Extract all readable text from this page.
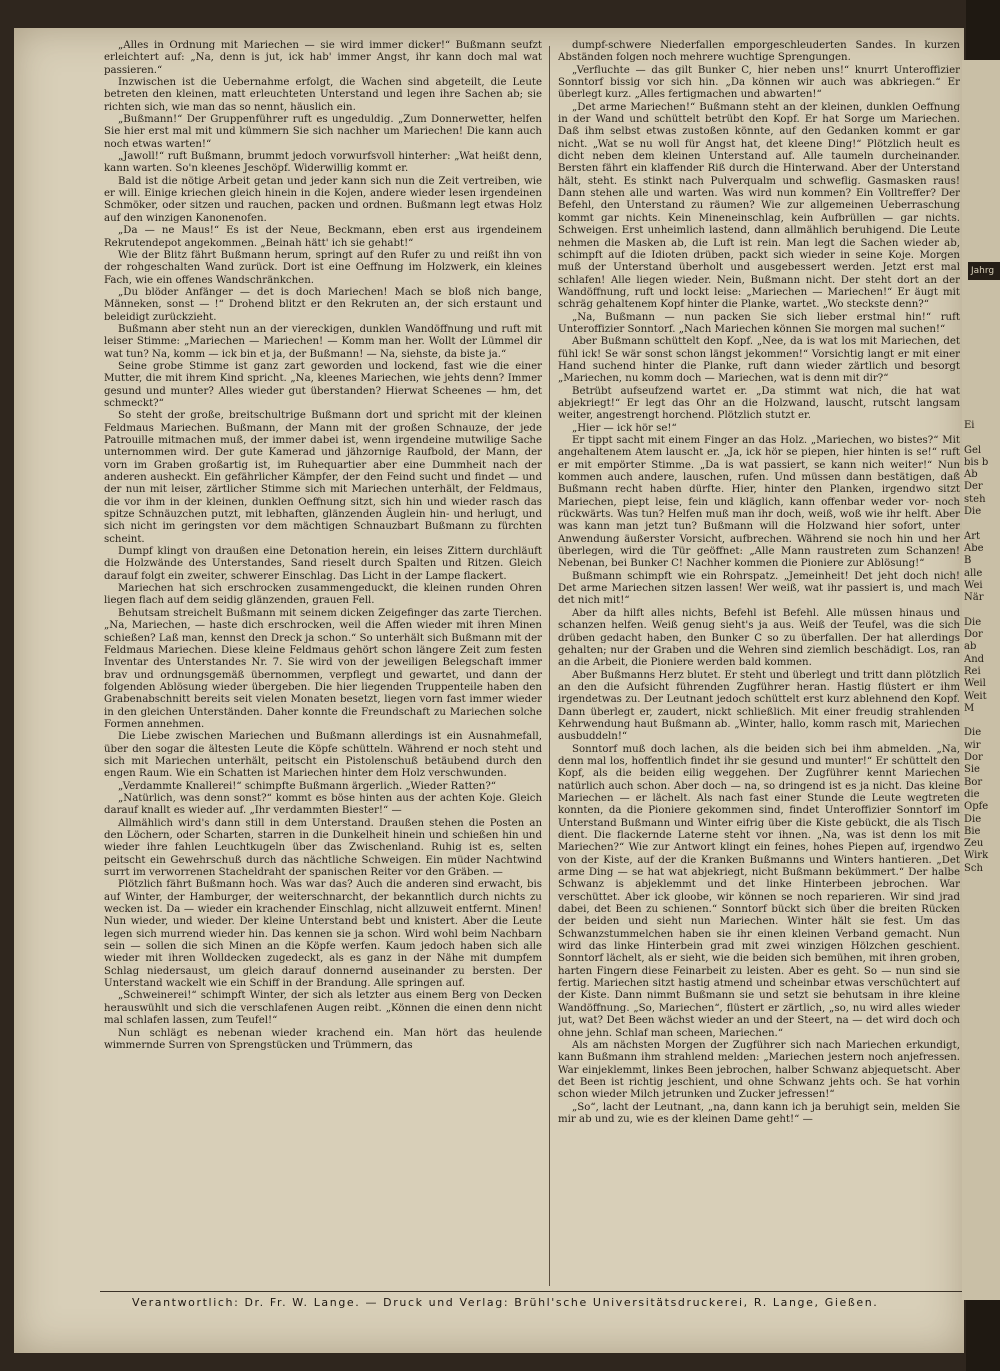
„Alles in Ordnung mit Mariechen — sie wird immer dicker!“ Bußmann seufzt erleichtert auf: „Na, denn is jut, ick hab' immer Angst, ihr kann doch mal wat passieren.“

Inzwischen ist die Uebernahme erfolgt, die Wachen sind abgeteilt, die Leute betreten den kleinen, matt erleuchteten Unterstand und legen ihre Sachen ab; sie richten sich, wie man das so nennt, häuslich ein.

„Bußmann!“ Der Gruppenführer ruft es ungeduldig. „Zum Donnerwetter, helfen Sie hier erst mal mit und kümmern Sie sich nachher um Mariechen! Die kann auch noch etwas warten!“

„Jawoll!“ ruft Bußmann, brummt jedoch vorwurfsvoll hinterher: „Wat heißt denn, kann warten. So'n kleenes Jeschöpf. Widerwillig kommt er.

Bald ist die nötige Arbeit getan und jeder kann sich nun die Zeit vertreiben, wie er will. Einige kriechen gleich hinein in die Kojen, andere wieder lesen irgendeinen Schmöker, oder sitzen und rauchen, packen und ordnen. Bußmann legt etwas Holz auf den winzigen Kanonenofen.

„Da — ne Maus!“ Es ist der Neue, Beckmann, eben erst aus irgendeinem Rekrutendepot angekommen. „Beinah hätt' ich sie gehabt!“

Wie der Blitz fährt Bußmann herum, springt auf den Rufer zu und reißt ihn von der rohgeschalten Wand zurück. Dort ist eine Oeffnung im Holzwerk, ein kleines Fach, wie ein offenes Wandschränkchen.

„Du blöder Anfänger — det is doch Mariechen! Mach se bloß nich bange, Männeken, sonst — !“ Drohend blitzt er den Rekruten an, der sich erstaunt und beleidigt zurückzieht.

Bußmann aber steht nun an der viereckigen, dunklen Wandöffnung und ruft mit leiser Stimme: „Mariechen — Mariechen! — Komm man her. Wollt der Lümmel dir wat tun? Na, komm — ick bin et ja, der Bußmann! — Na, siehste, da biste ja.“

Seine grobe Stimme ist ganz zart geworden und lockend, fast wie die einer Mutter, die mit ihrem Kind spricht. „Na, kleenes Mariechen, wie jehts denn? Immer gesund und munter? Alles wieder gut überstanden? Hierwat Scheenes — hm, det schmeckt?“

So steht der große, breitschultrige Bußmann dort und spricht mit der kleinen Feldmaus Mariechen. Bußmann, der Mann mit der großen Schnauze, der jede Patrouille mitmachen muß, der immer dabei ist, wenn irgendeine mutwilige Sache unternommen wird. Der gute Kamerad und jähzornige Raufbold, der Mann, der vorn im Graben großartig ist, im Ruhequartier aber eine Dummheit nach der anderen ausheckt. Ein gefährlicher Kämpfer, der den Feind sucht und findet — und der nun mit leiser, zärtlicher Stimme sich mit Mariechen unterhält, der Feldmaus, die vor ihm in der kleinen, dunklen Oeffnung sitzt, sich hin und wieder rasch das spitze Schnäuzchen putzt, mit lebhaften, glänzenden Äuglein hin- und herlugt, und sich nicht im geringsten vor dem mächtigen Schnauzbart Bußmann zu fürchten scheint.

Dumpf klingt von draußen eine Detonation herein, ein leises Zittern durchläuft die Holzwände des Unterstandes, Sand rieselt durch Spalten und Ritzen. Gleich darauf folgt ein zweiter, schwerer Einschlag. Das Licht in der Lampe flackert.

Mariechen hat sich erschrocken zusammengeduckt, die kleinen runden Ohren liegen flach auf dem seidig glänzenden, grauen Fell.

Behutsam streichelt Bußmann mit seinem dicken Zeigefinger das zarte Tierchen. „Na, Mariechen, — haste dich erschrocken, weil die Affen wieder mit ihren Minen schießen? Laß man, kennst den Dreck ja schon.“ So unterhält sich Bußmann mit der Feldmaus Mariechen. Diese kleine Feldmaus gehört schon längere Zeit zum festen Inventar des Unterstandes Nr. 7. Sie wird von der jeweiligen Belegschaft immer brav und ordnungsgemäß übernommen, verpflegt und gewartet, und dann der folgenden Ablösung wieder übergeben. Die hier liegenden Truppenteile haben den Grabenabschnitt bereits seit vielen Monaten besetzt, liegen vorn fast immer wieder in den gleichen Unterständen. Daher konnte die Freundschaft zu Mariechen solche Formen annehmen.

Die Liebe zwischen Mariechen und Bußmann allerdings ist ein Ausnahmefall, über den sogar die ältesten Leute die Köpfe schütteln. Während er noch steht und sich mit Mariechen unterhält, peitscht ein Pistolenschuß betäubend durch den engen Raum. Wie ein Schatten ist Mariechen hinter dem Holz verschwunden.

„Verdammte Knallerei!“ schimpfte Bußmann ärgerlich. „Wieder Ratten?“

„Natürlich, was denn sonst?“ kommt es böse hinten aus der achten Koje. Gleich darauf knallt es wieder auf. „Ihr verdammten Biester!“ —

Allmählich wird's dann still in dem Unterstand. Draußen stehen die Posten an den Löchern, oder Scharten, starren in die Dunkelheit hinein und schießen hin und wieder ihre fahlen Leuchtkugeln über das Zwischenland. Ruhig ist es, selten peitscht ein Gewehrschuß durch das nächtliche Schweigen. Ein müder Nachtwind surrt im verworrenen Stacheldraht der spanischen Reiter vor den Gräben. —

Plötzlich fährt Bußmann hoch. Was war das? Auch die anderen sind erwacht, bis auf Winter, der Hamburger, der weiterschnarcht, der bekanntlich durch nichts zu wecken ist. Da — wieder ein krachender Einschlag, nicht allzuweit entfernt. Minen! Nun wieder, und wieder. Der kleine Unterstand bebt und knistert. Aber die Leute legen sich murrend wieder hin. Das kennen sie ja schon. Wird wohl beim Nachbarn sein — sollen die sich Minen an die Köpfe werfen. Kaum jedoch haben sich alle wieder mit ihren Wolldecken zugedeckt, als es ganz in der Nähe mit dumpfem Schlag niedersaust, um gleich darauf donnernd auseinander zu bersten. Der Unterstand wackelt wie ein Schiff in der Brandung. Alle springen auf.

„Schweinerei!“ schimpft Winter, der sich als letzter aus einem Berg von Decken herauswühlt und sich die verschlafenen Augen reibt. „Können die einen denn nicht mal schlafen lassen, zum Teufel!“

Nun schlägt es nebenan wieder krachend ein. Man hört das heulende wimmernde Surren von Sprengstücken und Trümmern, das

dumpf-schwere Niederfallen emporgeschleuderten Sandes. In kurzen Abständen folgen noch mehrere wuchtige Sprengungen.

„Verfluchte — das gilt Bunker C, hier neben uns!“ knurrt Unteroffizier Sonntorf bissig vor sich hin. „Da können wir auch was abkriegen.“ Er überlegt kurz. „Alles fertigmachen und abwarten!“

„Det arme Mariechen!“ Bußmann steht an der kleinen, dunklen Oeffnung in der Wand und schüttelt betrübt den Kopf. Er hat Sorge um Mariechen. Daß ihm selbst etwas zustoßen könnte, auf den Gedanken kommt er gar nicht. „Wat se nu woll für Angst hat, det kleene Ding!“ Plötzlich heult es dicht neben dem kleinen Unterstand auf. Alle taumeln durcheinander. Bersten fährt ein klaffender Riß durch die Hinterwand. Aber der Unterstand hält, steht. Es stinkt nach Pulverqualm und schweflig. Gasmasken raus! Dann stehen alle und warten. Was wird nun kommen? Ein Volltreffer? Der Befehl, den Unterstand zu räumen? Wie zur allgemeinen Ueberraschung kommt gar nichts. Kein Mineneinschlag, kein Aufbrüllen — gar nichts. Schweigen. Erst unheimlich lastend, dann allmählich beruhigend. Die Leute nehmen die Masken ab, die Luft ist rein. Man legt die Sachen wieder ab, schimpft auf die Idioten drüben, packt sich wieder in seine Koje. Morgen muß der Unterstand überholt und ausgebessert werden. Jetzt erst mal schlafen! Alle liegen wieder. Nein, Bußmann nicht. Der steht dort an der Wandöffnung, ruft und lockt leise: „Mariechen — Mariechen!“ Er äugt mit schräg gehaltenem Kopf hinter die Planke, wartet. „Wo steckste denn?“

„Na, Bußmann — nun packen Sie sich lieber erstmal hin!“ ruft Unteroffizier Sonntorf. „Nach Mariechen können Sie morgen mal suchen!“

Aber Bußmann schüttelt den Kopf. „Nee, da is wat los mit Mariechen, det fühl ick! Se wär sonst schon längst jekommen!“ Vorsichtig langt er mit einer Hand suchend hinter die Planke, ruft dann wieder zärtlich und besorgt „Mariechen, nu komm doch — Mariechen, wat is denn mit dir?“

Betrübt aufseufzend wartet er. „Da stimmt wat nich, die hat wat abjekriegt!“ Er legt das Ohr an die Holzwand, lauscht, rutscht langsam weiter, angestrengt horchend. Plötzlich stutzt er.

„Hier — ick hör se!“

Er tippt sacht mit einem Finger an das Holz. „Mariechen, wo bistes?“ Mit angehaltenem Atem lauscht er. „Ja, ick hör se piepen, hier hinten is se!“ ruft er mit empörter Stimme. „Da is wat passiert, se kann nich weiter!“ Nun kommen auch andere, lauschen, rufen. Und müssen dann bestätigen, daß Bußmann recht haben dürfte. Hier, hinter den Planken, irgendwo sitzt Mariechen, piept leise, fein und kläglich, kann offenbar weder vor- noch rückwärts. Was tun? Helfen muß man ihr doch, weiß, woß wie ihr helft. Aber was kann man jetzt tun? Bußmann will die Holzwand hier sofort, unter Anwendung äußerster Vorsicht, aufbrechen. Während sie noch hin und her überlegen, wird die Tür geöffnet: „Alle Mann raustreten zum Schanzen! Nebenan, bei Bunker C! Nachher kommen die Pioniere zur Ablösung!“

Bußmann schimpft wie ein Rohrspatz. „Jemeinheit! Det jeht doch nich! Det arme Mariechen sitzen lassen! Wer weiß, wat ihr passiert is, und mach det nich mit!“

Aber da hilft alles nichts, Befehl ist Befehl. Alle müssen hinaus und schanzen helfen. Weiß genug sieht's ja aus. Weiß der Teufel, was die sich drüben gedacht haben, den Bunker C so zu überfallen. Der hat allerdings gehalten; nur der Graben und die Wehren sind ziemlich beschädigt. Los, ran an die Arbeit, die Pioniere werden bald kommen.

Aber Bußmanns Herz blutet. Er steht und überlegt und tritt dann plötzlich an den die Aufsicht führenden Zugführer heran. Hastig flüstert er ihm irgendetwas zu. Der Leutnant jedoch schüttelt erst kurz ablehnend den Kopf. Dann überlegt er, zaudert, nickt schließlich. Mit einer freudig strahlenden Kehrwendung haut Bußmann ab. „Winter, hallo, komm rasch mit, Mariechen ausbuddeln!“

Sonntorf muß doch lachen, als die beiden sich bei ihm abmelden. „Na, denn mal los, hoffentlich findet ihr sie gesund und munter!“ Er schüttelt den Kopf, als die beiden eilig weggehen. Der Zugführer kennt Mariechen natürlich auch schon. Aber doch — na, so dringend ist es ja nicht. Das kleine Mariechen — er lächelt. Als nach fast einer Stunde die Leute wegtreten konnten, da die Pioniere gekommen sind, findet Unteroffizier Sonntorf im Unterstand Bußmann und Winter eifrig über die Kiste gebückt, die als Tisch dient. Die flackernde Laterne steht vor ihnen. „Na, was ist denn los mit Mariechen?“ Wie zur Antwort klingt ein feines, hohes Piepen auf, irgendwo von der Kiste, auf der die Kranken Bußmanns und Winters hantieren. „Det arme Ding — se hat wat abjekriegt, nicht Bußmann bekümmert.“ Der halbe Schwanz is abjeklemmt und det linke Hinterbeen jebrochen. War verschüttet. Aber ick gloobe, wir können se noch reparieren. Wir sind jrad dabei, det Been zu schienen.“ Sonntorf bückt sich über die breiten Rücken der beiden und sieht nun Mariechen. Winter hält sie fest. Um das Schwanzstummelchen haben sie ihr einen kleinen Verband gemacht. Nun wird das linke Hinterbein grad mit zwei winzigen Hölzchen geschient. Sonntorf lächelt, als er sieht, wie die beiden sich bemühen, mit ihren groben, harten Fingern diese Feinarbeit zu leisten. Aber es geht. So — nun sind sie fertig. Mariechen sitzt hastig atmend und scheinbar etwas verschüchtert auf der Kiste. Dann nimmt Bußmann sie und setzt sie behutsam in ihre kleine Wandöffnung. „So, Mariechen“, flüstert er zärtlich, „so, nu wird alles wieder jut, wat? Det Been wächst wieder an und der Steert, na — det wird doch och ohne jehn. Schlaf man scheen, Mariechen.“

Als am nächsten Morgen der Zugführer sich nach Mariechen erkundigt, kann Bußmann ihm strahlend melden: „Mariechen jestern noch anjefressen. War einjeklemmt, linkes Been jebrochen, halber Schwanz abjequetscht. Aber det Been ist richtig jeschient, und ohne Schwanz jehts och. Se hat vorhin schon wieder Milch jetrunken und Zucker jefressen!“

„So“, lacht der Leutnant, „na, dann kann ich ja beruhigt sein, melden Sie mir ab und zu, wie es der kleinen Dame geht!“ —

Verantwortlich: Dr. Fr. W. Lange. — Druck und Verlag: Brühl'sche Universitätsdruckerei, R. Lange, Gießen.
Jahrg
Ei

Gel
bis b
Ab
Der
steh
Die

Art
Abe
B
alle
Wei
När

Die
Dor
ab
And
Rei
Weil
Weit
M

Die
wir
Dor
Sie
Bor
die
Opfe
Die
Bie
Zeu
Wirk
Sch
